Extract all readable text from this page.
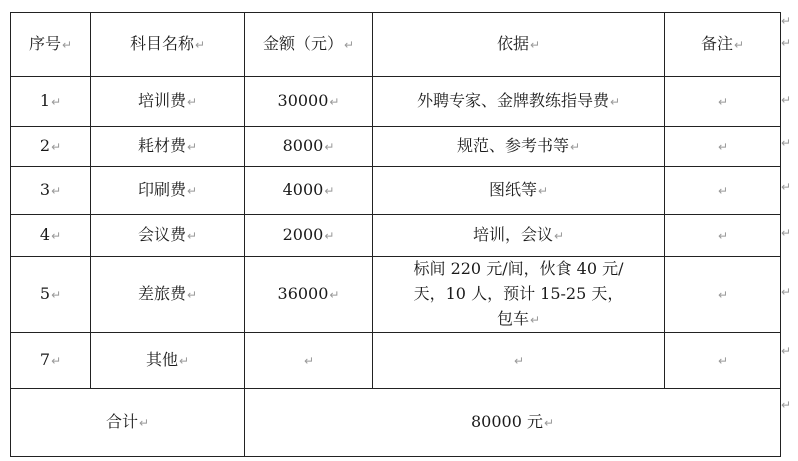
序号↵	科目名称↵	金额（元）↵	依据↵	备注↵
1↵	培训费↵	30000↵	外聘专家、金牌教练指导费↵	↵
2↵	耗材费↵	8000↵	规范、参考书等↵	↵
3↵	印刷费↵	4000↵	图纸等↵	↵
4↵	会议费↵	2000↵	培训，会议↵	↵
5↵	差旅费↵	36000↵	标间 220 元/间，伙食 40 元/
天，10 人，预计 15-25 天，
包车↵	↵
7↵	其他↵	↵	↵	↵
合计↵		80000 元↵		
↵
↵
↵
↵
↵
↵
↵
↵
↵
